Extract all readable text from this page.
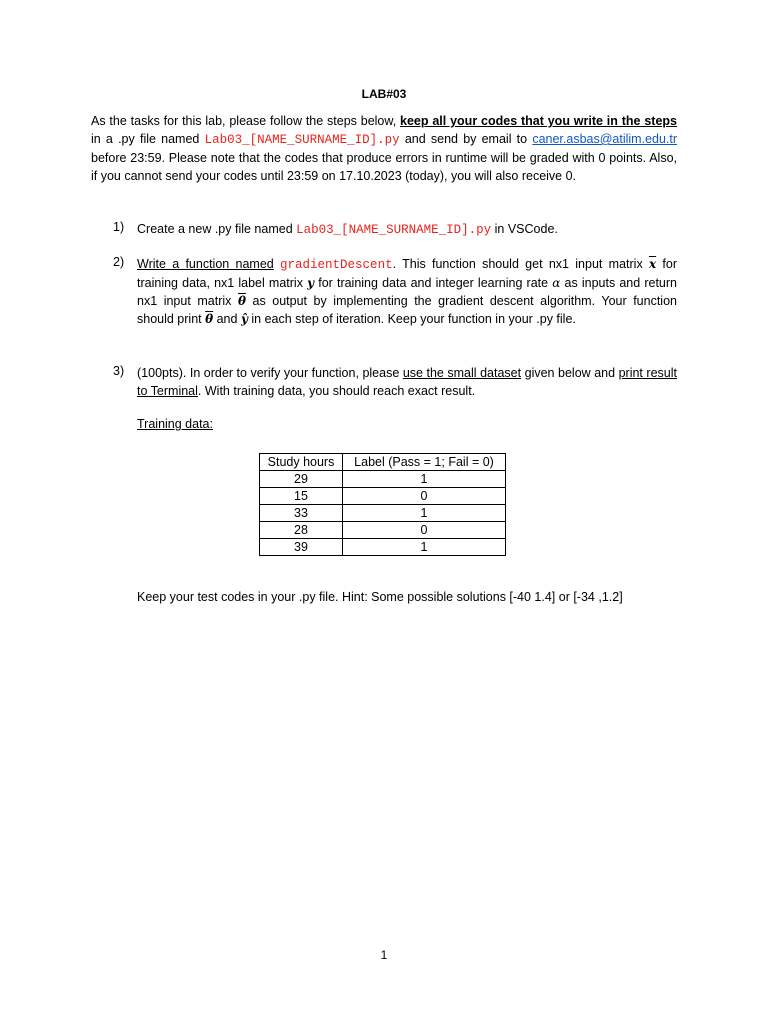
LAB#03
As the tasks for this lab, please follow the steps below, keep all your codes that you write in the steps in a .py file named Lab03_[NAME_SURNAME_ID].py and send by email to caner.asbas@atilim.edu.tr before 23:59. Please note that the codes that produce errors in runtime will be graded with 0 points. Also, if you cannot send your codes until 23:59 on 17.10.2023 (today), you will also receive 0.
1) Create a new .py file named Lab03_[NAME_SURNAME_ID].py in VSCode.
2) Write a function named gradientDescent. This function should get nx1 input matrix $\overline{x}$ for training data, nx1 label matrix y for training data and integer learning rate α as inputs and return nx1 input matrix $\overline{\theta}$ as output by implementing the gradient descent algorithm. Your function should print $\overline{\theta}$ and ŷ in each step of iteration. Keep your function in your .py file.
3) (100pts). In order to verify your function, please use the small dataset given below and print result to Terminal. With training data, you should reach exact result.
Training data:
Study hours	Label (Pass = 1; Fail = 0)
29	1
15	0
33	1
28	0
39	1
Keep your test codes in your .py file. Hint: Some possible solutions [-40 1.4] or [-34 ,1.2]
1
